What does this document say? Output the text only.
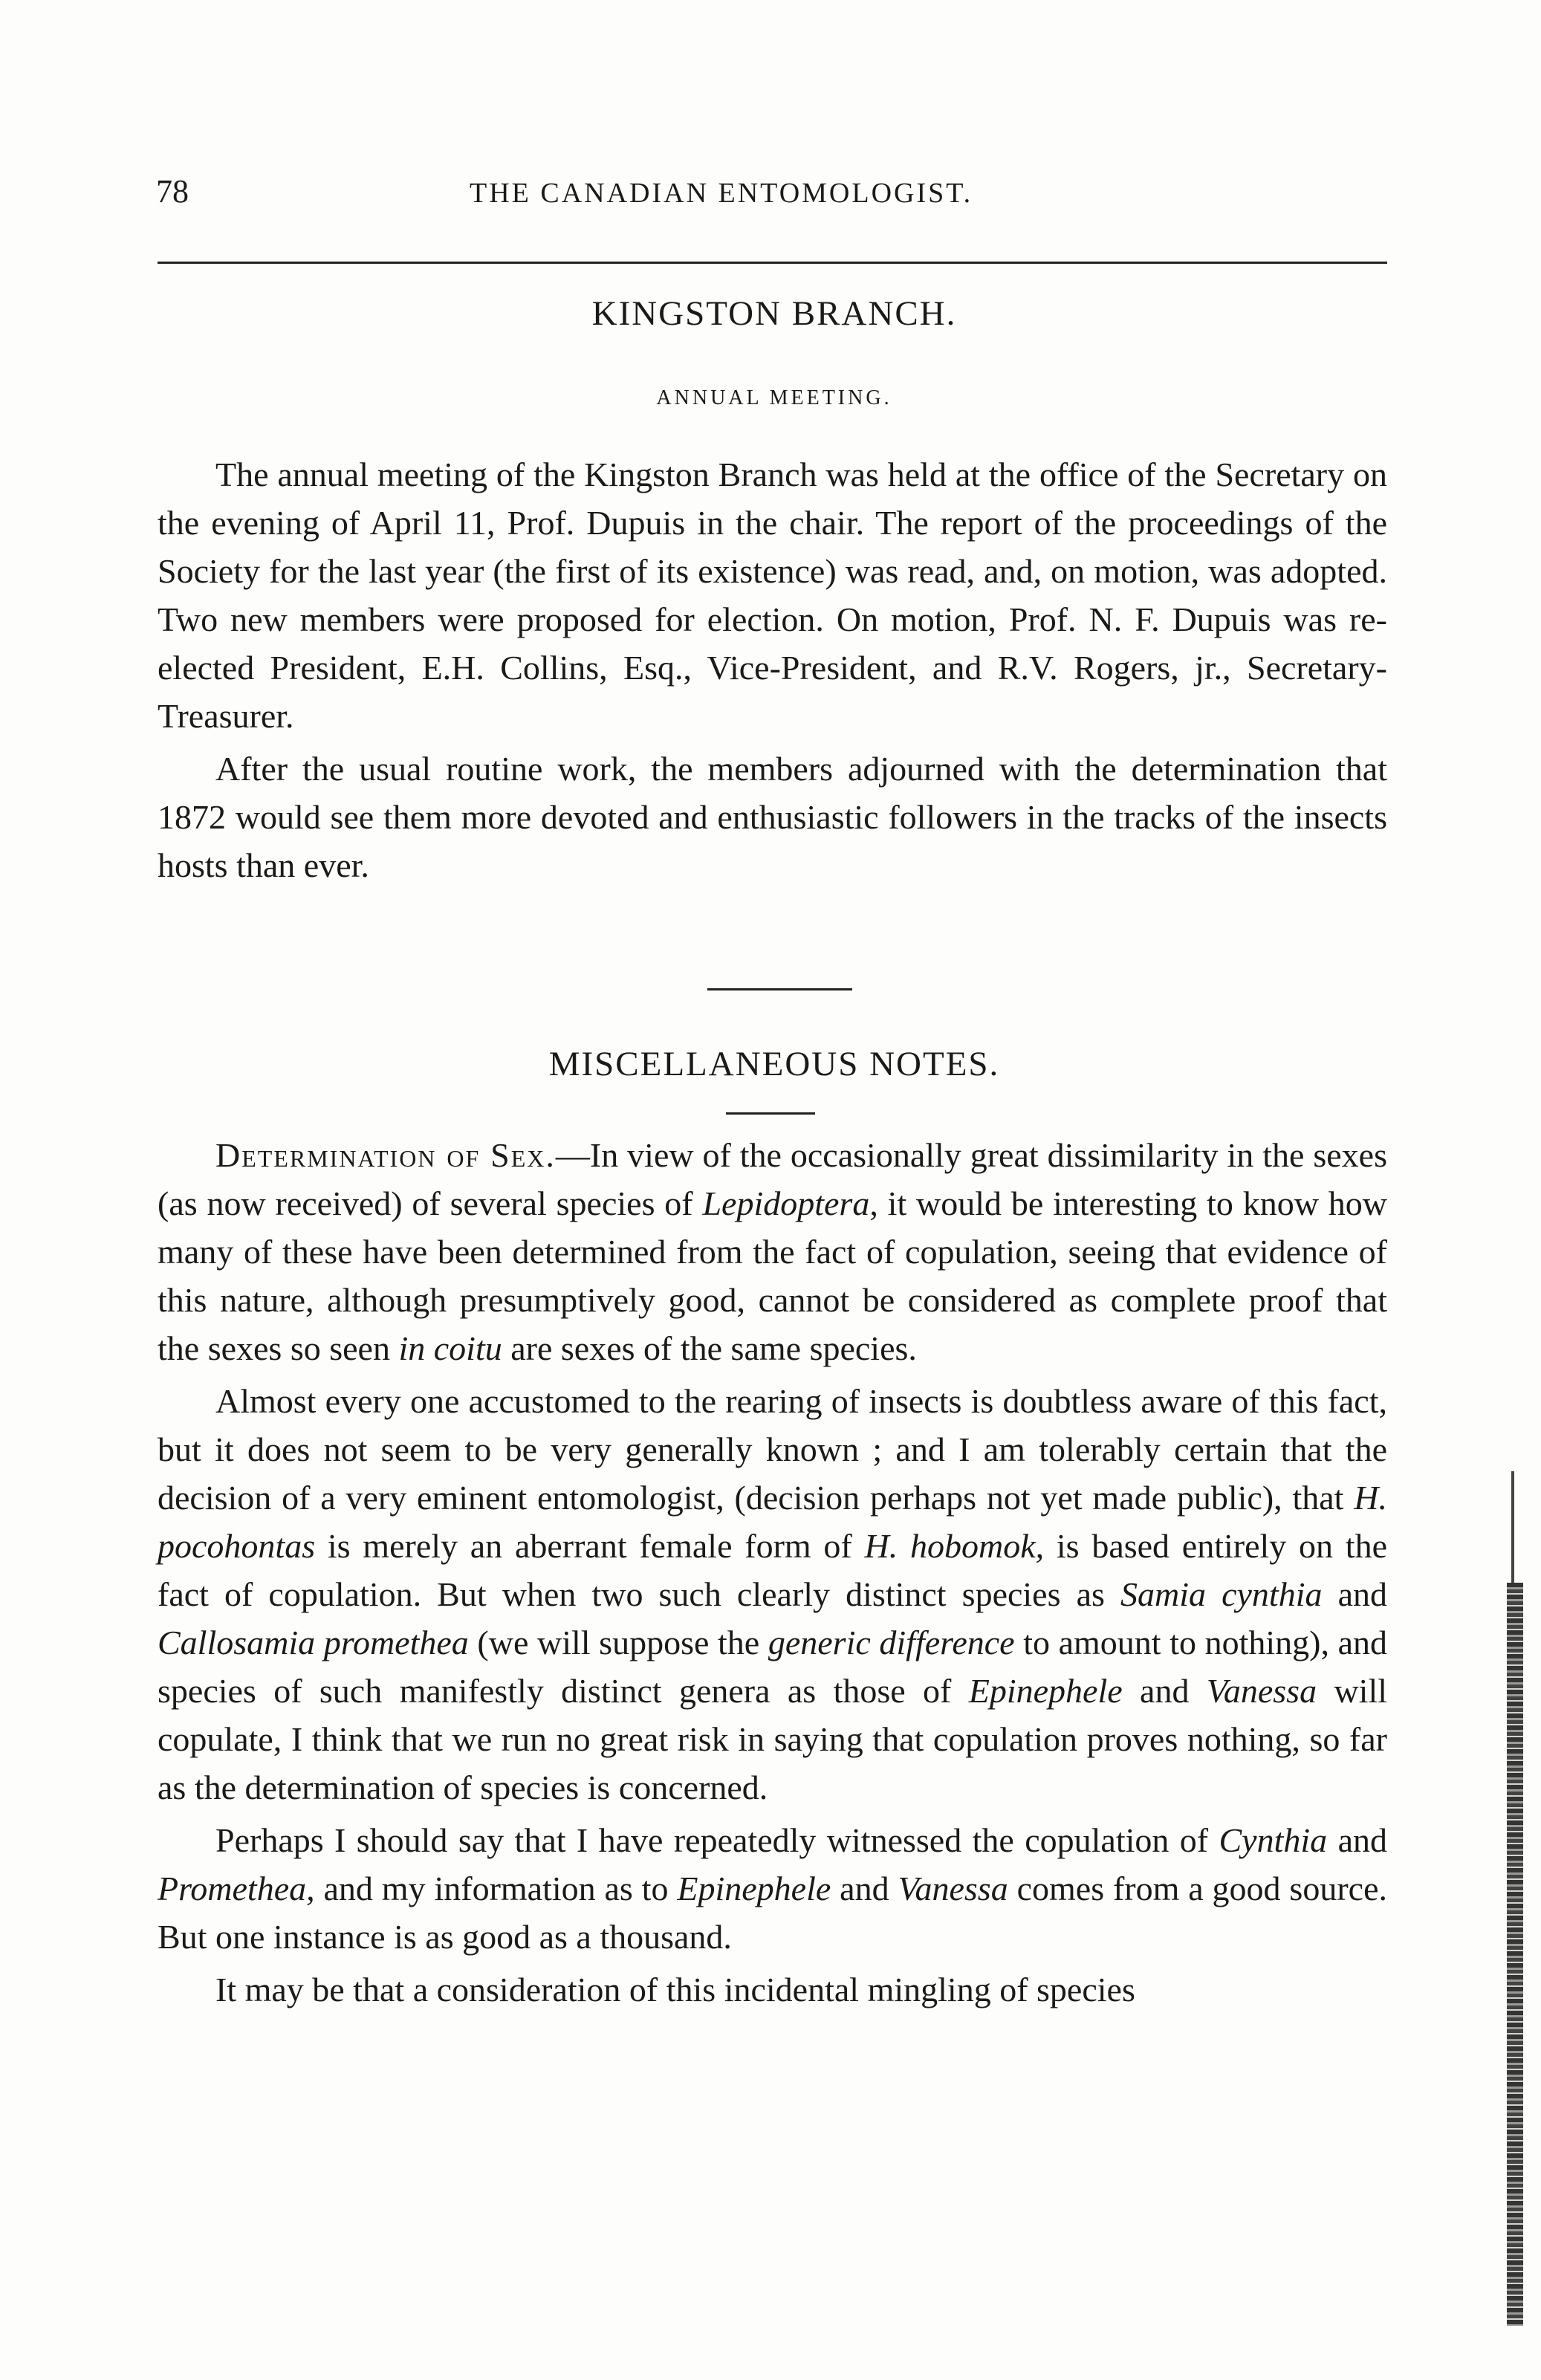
78	THE CANADIAN ENTOMOLOGIST.
KINGSTON BRANCH.
ANNUAL MEETING.

The annual meeting of the Kingston Branch was held at the office of the Secretary on the evening of April 11, Prof. Dupuis in the chair. The report of the proceedings of the Society for the last year (the first of its existence) was read, and, on motion, was adopted. Two new members were proposed for election. On motion, Prof. N. F. Dupuis was re-elected President, E.H. Collins, Esq., Vice-President, and R.V. Rogers, jr., Secretary-Treasurer.

After the usual routine work, the members adjourned with the determination that 1872 would see them more devoted and enthusiastic followers in the tracks of the insects hosts than ever.

MISCELLANEOUS NOTES.

Determination of Sex.—In view of the occasionally great dissimilarity in the sexes (as now received) of several species of Lepidoptera, it would be interesting to know how many of these have been determined from the fact of copulation, seeing that evidence of this nature, although presumptively good, cannot be considered as complete proof that the sexes so seen in coitu are sexes of the same species.

Almost every one accustomed to the rearing of insects is doubtless aware of this fact, but it does not seem to be very generally known ; and I am tolerably certain that the decision of a very eminent entomologist, (decision perhaps not yet made public), that H. pocohontas is merely an aberrant female form of H. hobomok, is based entirely on the fact of copulation. But when two such clearly distinct species as Samia cynthia and Callosamia promethea (we will suppose the generic difference to amount to nothing), and species of such manifestly distinct genera as those of Epinephele and Vanessa will copulate, I think that we run no great risk in saying that copulation proves nothing, so far as the determination of species is concerned.

Perhaps I should say that I have repeatedly witnessed the copulation of Cynthia and Promethea, and my information as to Epinephele and Vanessa comes from a good source. But one instance is as good as a thousand.

It may be that a consideration of this incidental mingling of species
